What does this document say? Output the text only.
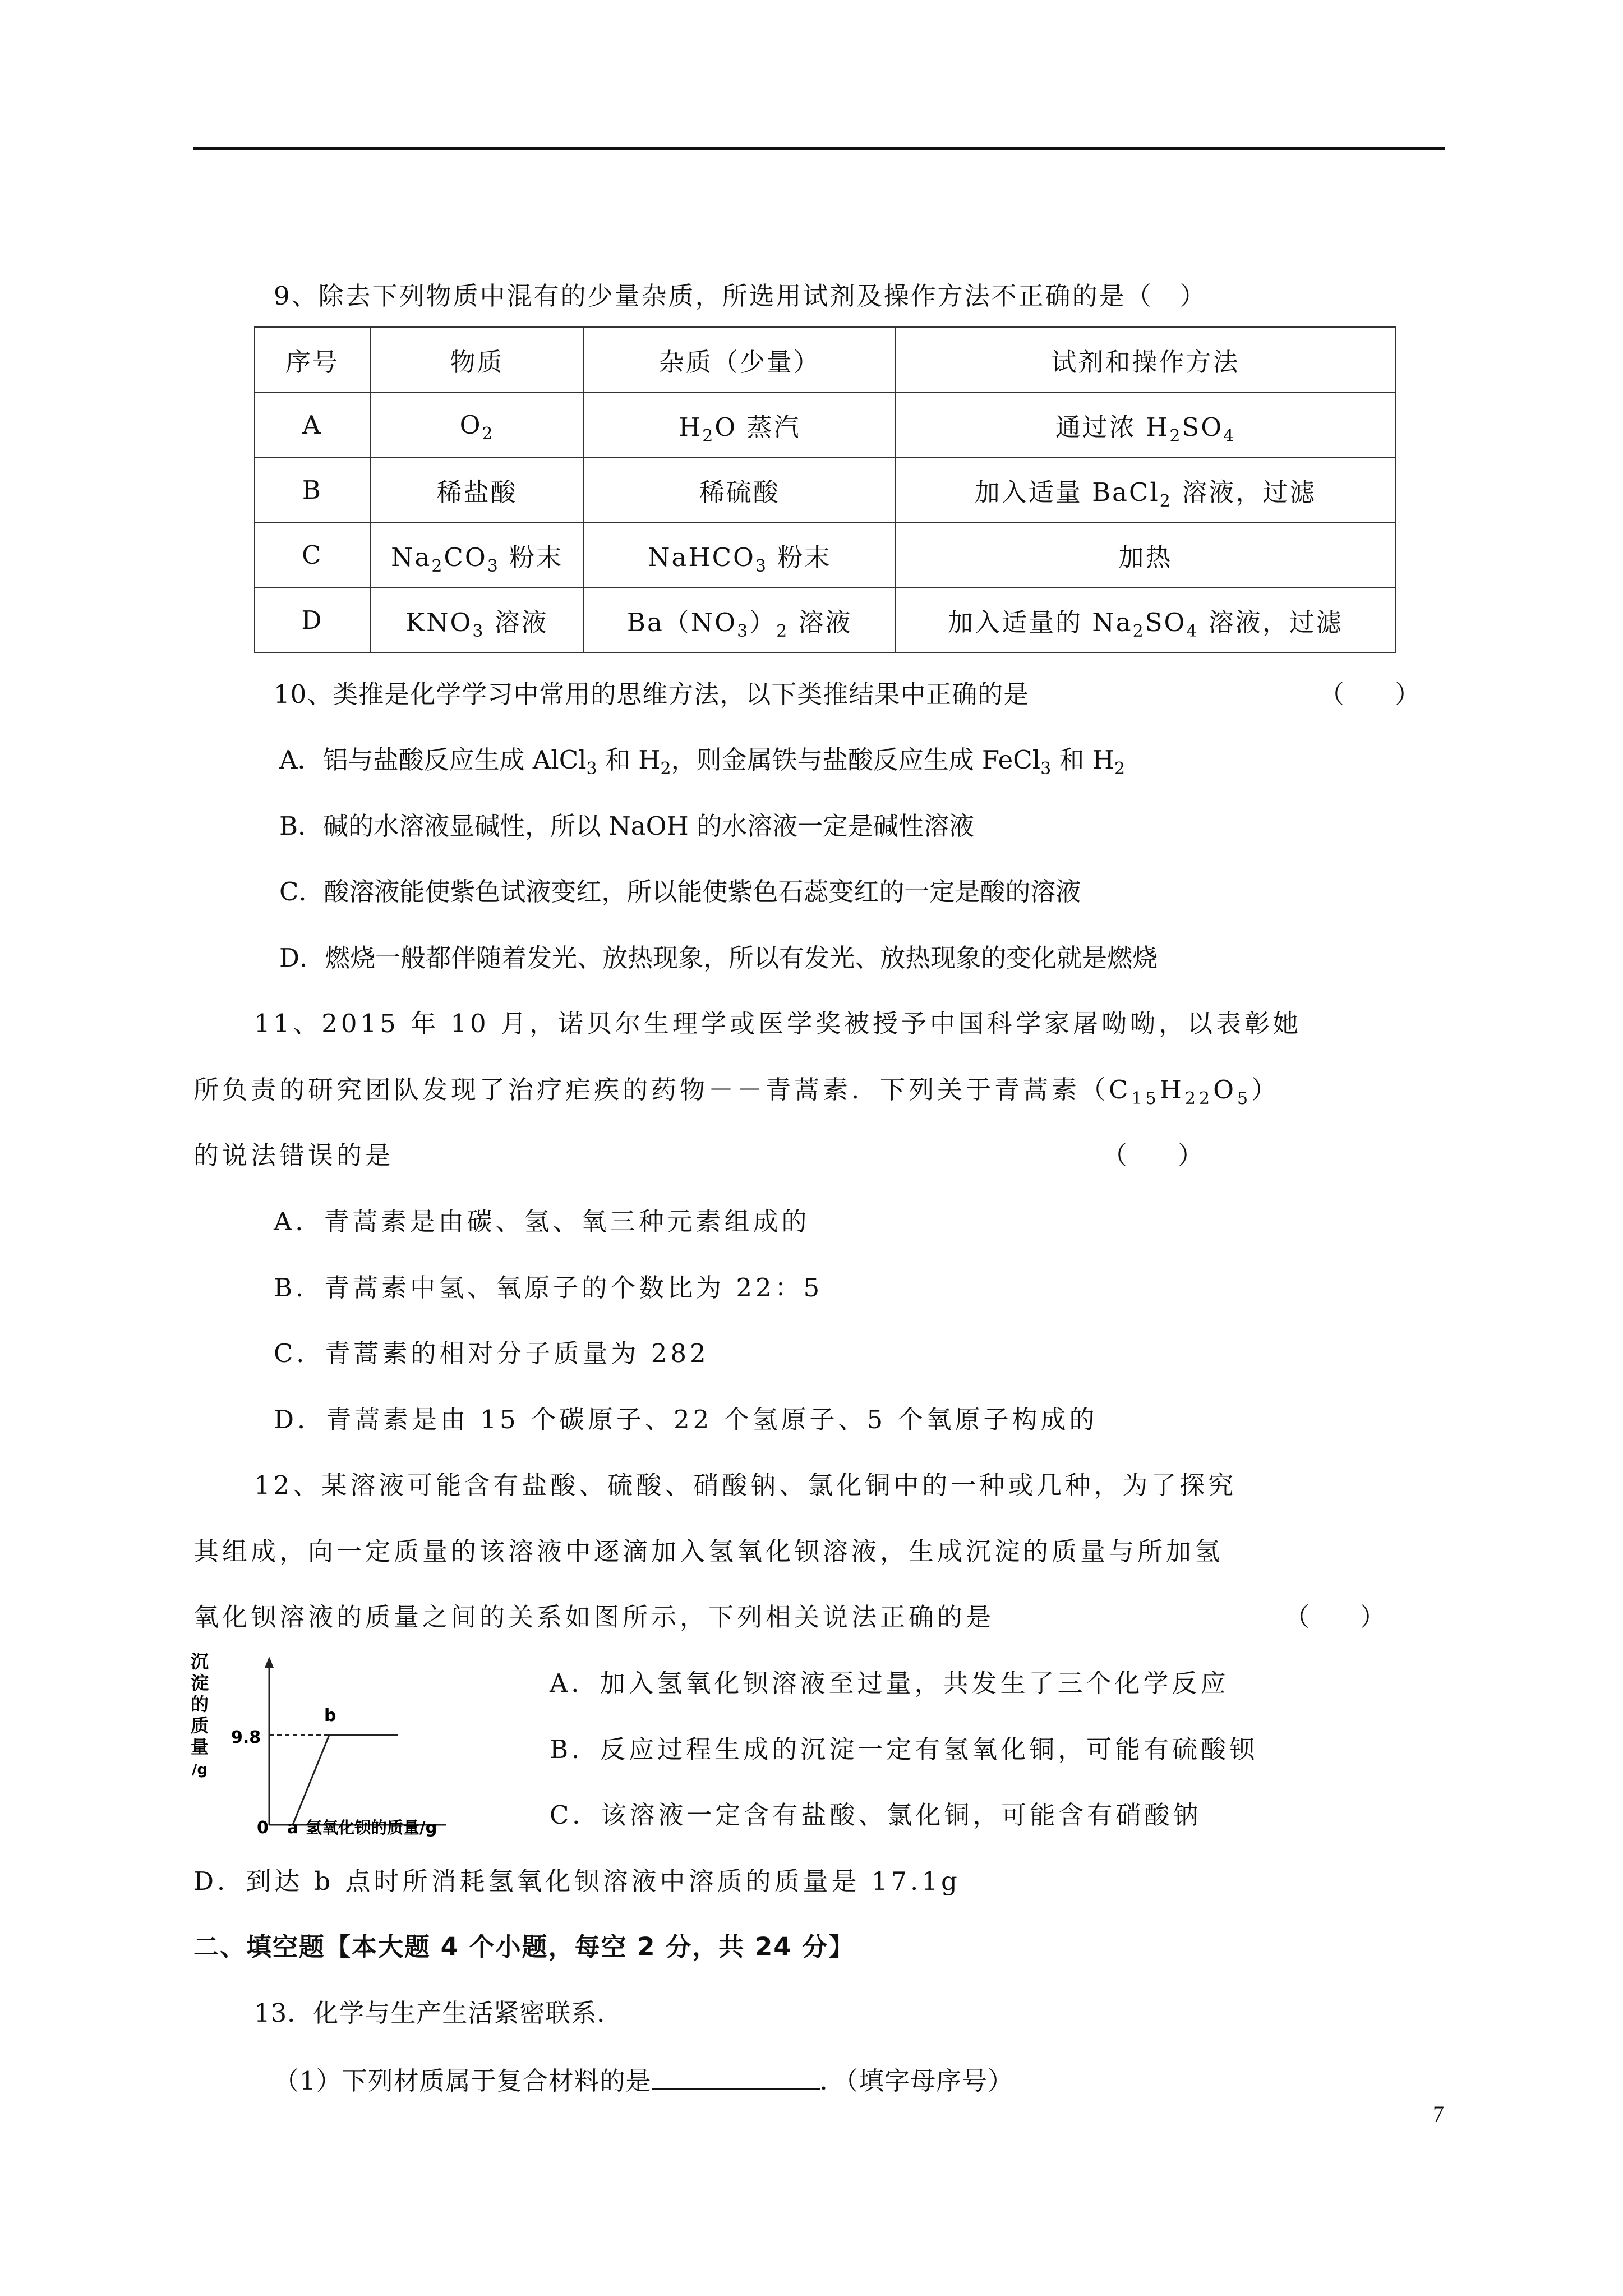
9、除去下列物质中混有的少量杂质，所选用试剂及操作方法不正确的是（　）
序号	物质	杂质（少量）	试剂和操作方法
A	$O_2$	$H_2O$ 蒸汽	通过浓 $H_2SO_4$
B	稀盐酸	稀硫酸	加入适量 BaCl$_2$ 溶液，过滤
C	$Na_2CO_3$ 粉末	NaHCO$_3$ 粉末	加热
D	$KNO_3$ 溶液	$Ba(NO_3)_2$ 溶液	加入适量的 $Na_2SO_4$ 溶液，过滤
10、类推是化学学习中常用的思维方法，以下类推结果中正确的是	（　　）
A．铝与盐酸反应生成 AlCl$_3$ 和 $H_2$，则金属铁与盐酸反应生成 FeCl$_3$ 和 $H_2$
B．碱的水溶液显碱性，所以 NaOH 的水溶液一定是碱性溶液
C．酸溶液能使紫色试液变红，所以能使紫色石蕊变红的一定是酸的溶液
D．燃烧一般都伴随着发光、放热现象，所以有发光、放热现象的变化就是燃烧
11、2015 年 10 月，诺贝尔生理学或医学奖被授予中国科学家屠呦呦，以表彰她
所负责的研究团队发现了治疗疟疾的药物－－青蒿素．下列关于青蒿素$(C_{15}H_{22}O_5)$
的说法错误的是	（　　）
A．青蒿素是由碳、氢、氧三种元素组成的
B．青蒿素中氢、氧原子的个数比为 22：5
C．青蒿素的相对分子质量为 282
D．青蒿素是由 15 个碳原子、22 个氢原子、5 个氧原子构成的
12、某溶液可能含有盐酸、硫酸、硝酸钠、氯化铜中的一种或几种，为了探究
其组成，向一定质量的该溶液中逐滴加入氢氧化钡溶液，生成沉淀的质量与所加氢
氧化钡溶液的质量之间的关系如图所示，下列相关说法正确的是	（　　）
沉
淀
的
质
量
/g
0 a 氢氧化钡的质量/g
b
9.8
A．加入氢氧化钡溶液至过量，共发生了三个化学反应
B．反应过程生成的沉淀一定有氢氧化铜，可能有硫酸钡
C．该溶液一定含有盐酸、氯化铜，可能含有硝酸钠
D．到达 b 点时所消耗氢氧化钡溶液中溶质的质量是 17.1g
二、填空题【本大题 4 个小题，每空 2 分，共 24 分】
13．化学与生产生活紧密联系．
（1）下列材质属于复合材料的是	．（填字母序号）
7
